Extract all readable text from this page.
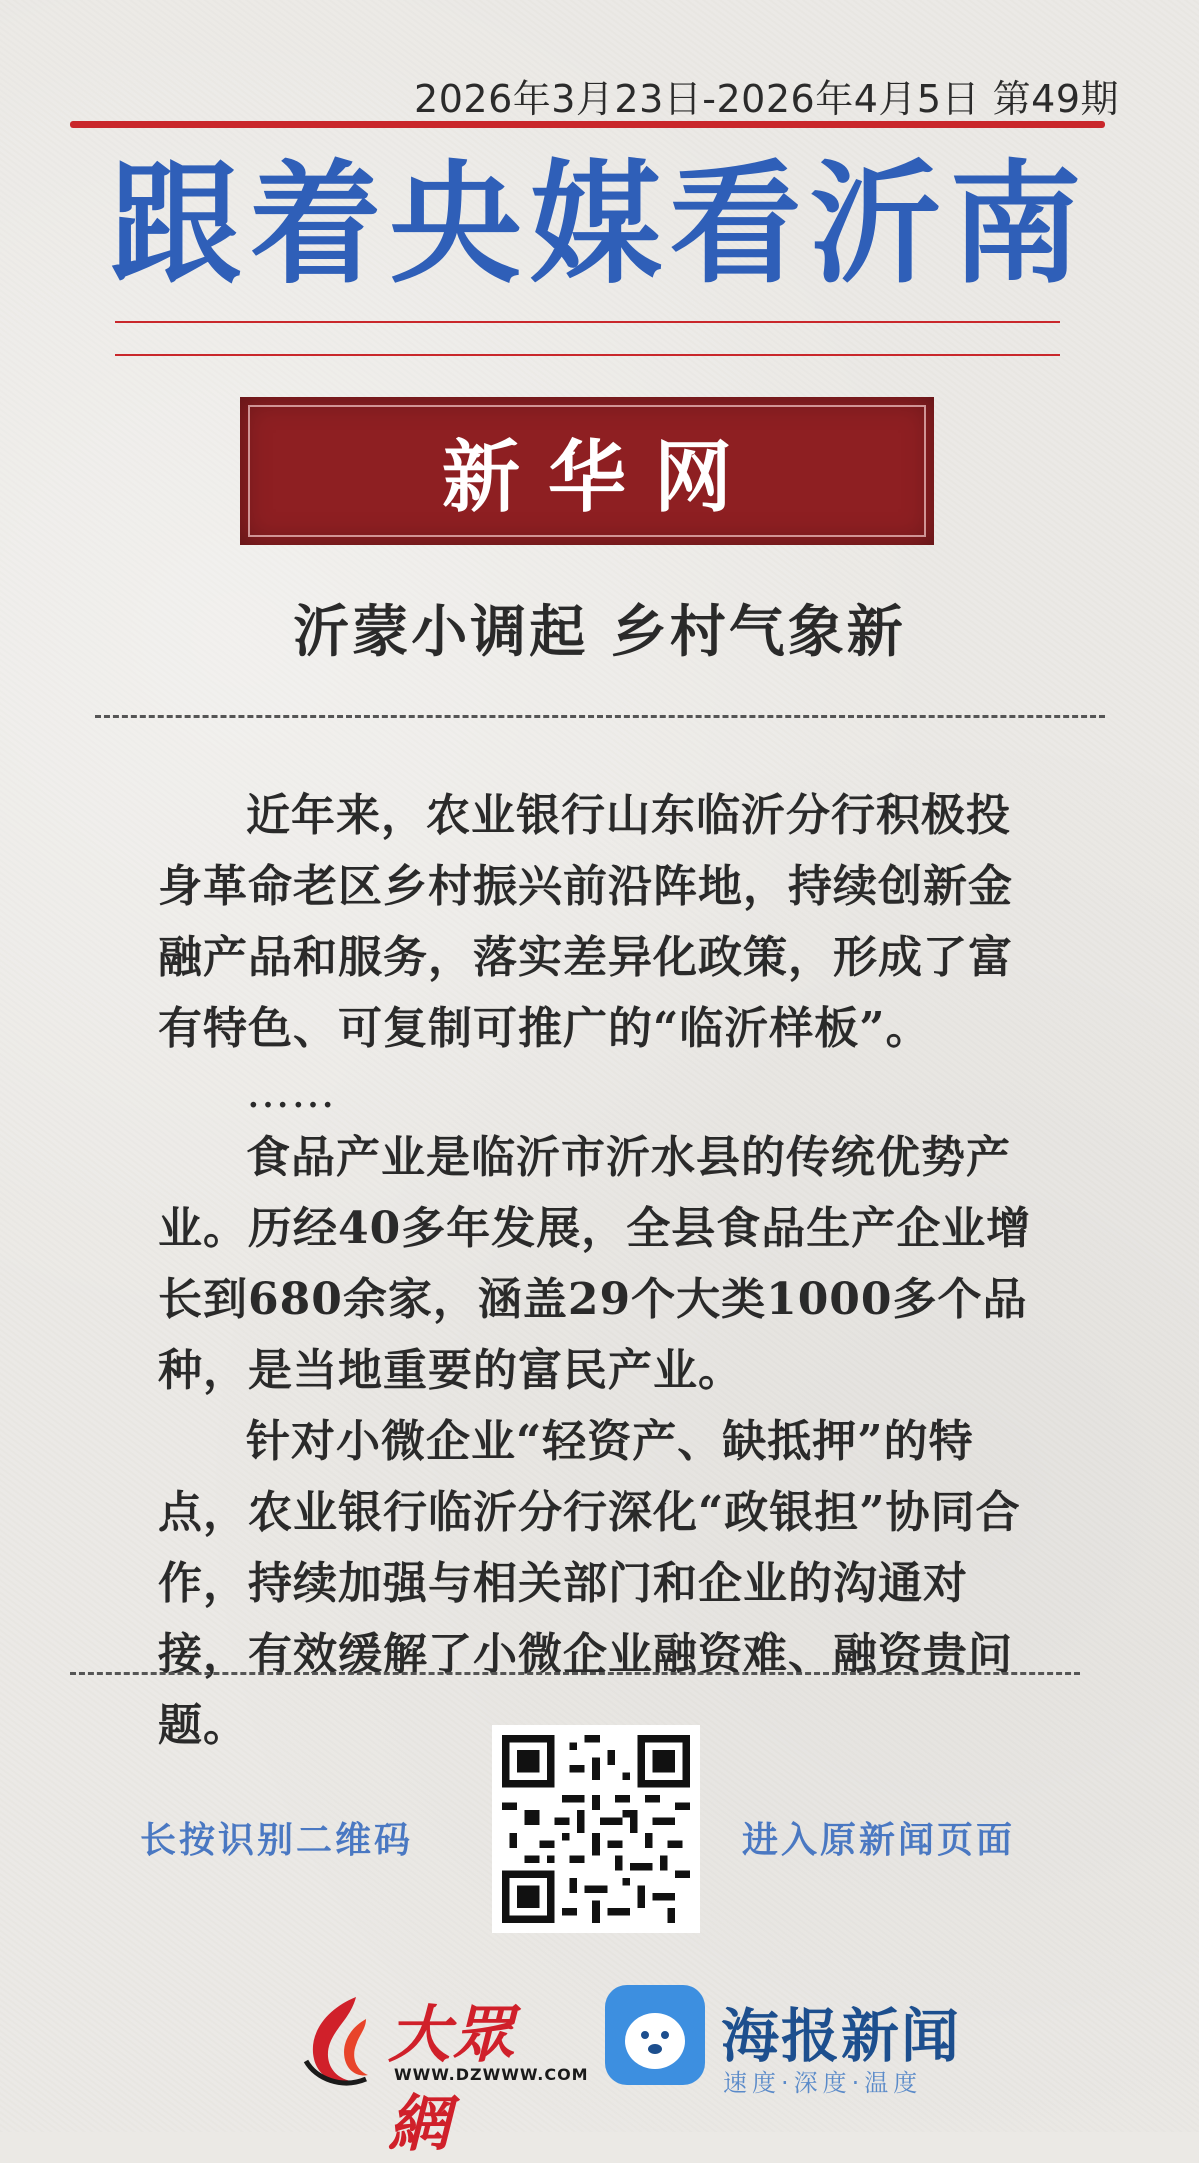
2026年3月23日-2026年4月5日 第49期
跟着央媒看沂南
新华网
沂蒙小调起 乡村气象新

近年来，农业银行山东临沂分行积极投身革命老区乡村振兴前沿阵地，持续创新金融产品和服务，落实差异化政策，形成了富有特色、可复制可推广的“临沂样板”。

……

食品产业是临沂市沂水县的传统优势产业。历经40多年发展，全县食品生产企业增长到680余家，涵盖29个大类1000多个品种，是当地重要的富民产业。

针对小微企业“轻资产、缺抵押”的特点，农业银行临沂分行深化“政银担”协同合作，持续加强与相关部门和企业的沟通对接，有效缓解了小微企业融资难、融资贵问题。

长按识别二维码	进入原新闻页面
大眾網
WWW.DZWWW.COM
海报新闻
速度·深度·温度
